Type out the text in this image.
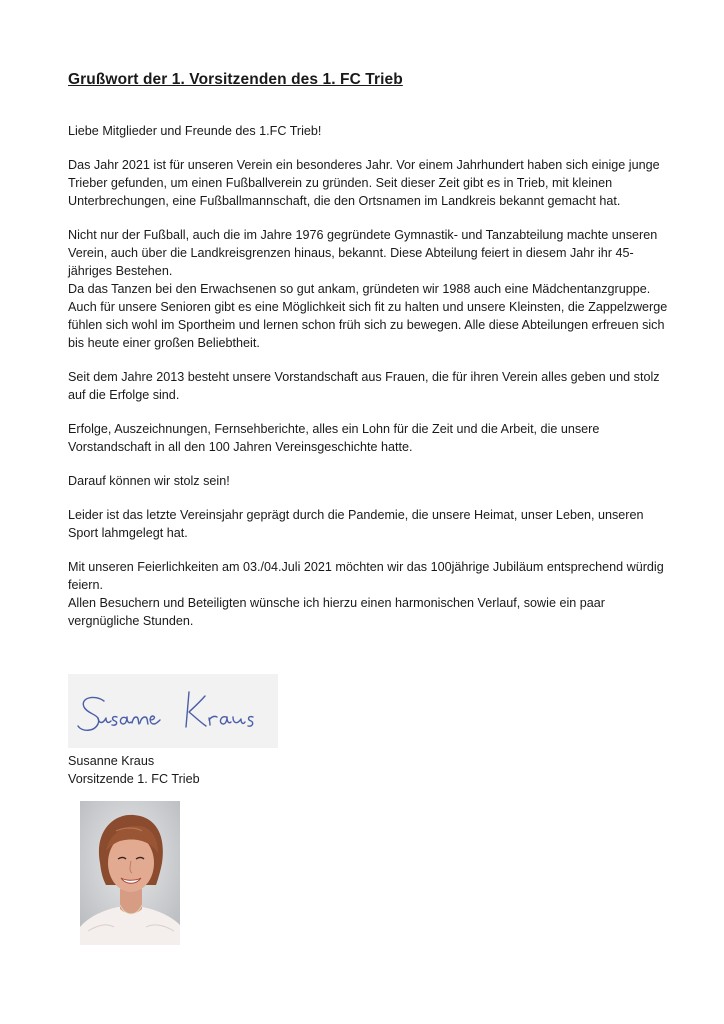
Grußwort der 1. Vorsitzenden des 1. FC Trieb

Liebe Mitglieder und Freunde des 1.FC Trieb!

Das Jahr 2021 ist für unseren Verein ein besonderes Jahr. Vor einem Jahrhundert haben sich einige junge Trieber gefunden, um einen Fußballverein zu gründen. Seit dieser Zeit gibt es in Trieb, mit kleinen Unterbrechungen, eine Fußballmannschaft, die den Ortsnamen im Landkreis bekannt gemacht hat.

Nicht nur der Fußball, auch die im Jahre 1976 gegründete Gymnastik- und Tanzabteilung machte unseren Verein, auch über die Landkreisgrenzen hinaus, bekannt. Diese Abteilung feiert in diesem Jahr ihr 45-jähriges Bestehen.

Da das Tanzen bei den Erwachsenen so gut ankam, gründeten wir 1988 auch eine Mädchentanzgruppe. Auch für unsere Senioren gibt es eine Möglichkeit sich fit zu halten und unsere Kleinsten, die Zappelzwerge fühlen sich wohl im Sportheim und lernen schon früh sich zu bewegen. Alle diese Abteilungen erfreuen sich bis heute einer großen Beliebtheit.

Seit dem Jahre 2013 besteht unsere Vorstandschaft aus Frauen, die für ihren Verein alles geben und stolz auf die Erfolge sind.

Erfolge, Auszeichnungen, Fernsehberichte, alles ein Lohn für die Zeit und die Arbeit, die unsere Vorstandschaft in all den 100 Jahren Vereinsgeschichte hatte.

Darauf können wir stolz sein!

Leider ist das letzte Vereinsjahr geprägt durch die Pandemie, die unsere Heimat, unser Leben, unseren Sport lahmgelegt hat.

Mit unseren Feierlichkeiten am 03./04.Juli 2021 möchten wir das 100jährige Jubiläum entsprechend würdig feiern.

Allen Besuchern und Beteiligten wünsche ich hierzu einen harmonischen Verlauf, sowie ein paar vergnügliche Stunden.

Susanne Kraus
Vorsitzende 1. FC Trieb
